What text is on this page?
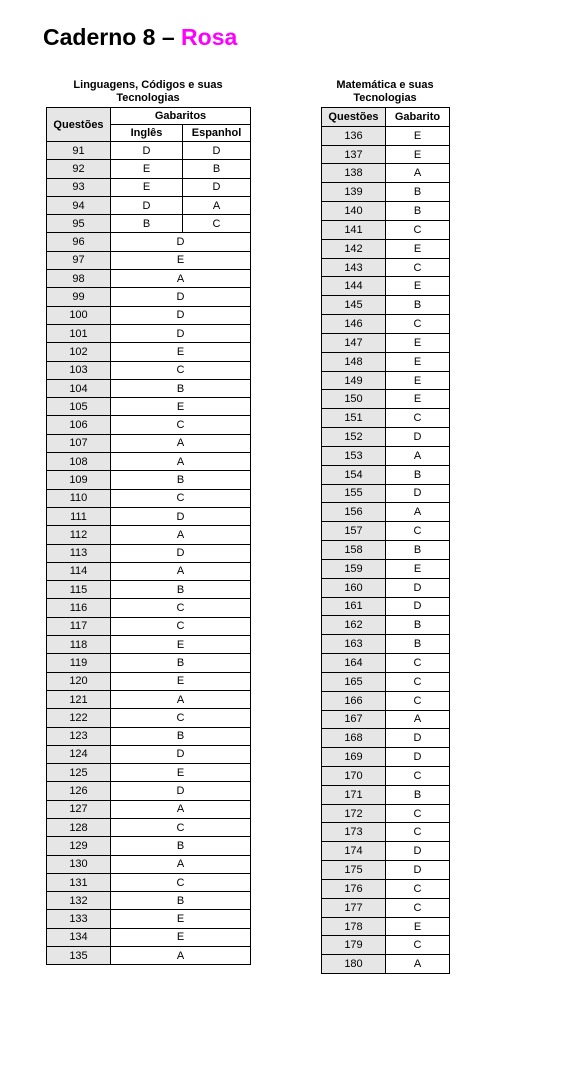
Caderno 8 – Rosa
Linguagens, Códigos e suas Tecnologias
Matemática e suas Tecnologias
Questões	Gabaritos	
	Inglês	Espanhol
91	D	D
92	E	B
93	E	D
94	D	A
95	B	C
96	D	
97	E	
98	A	
99	D	
100	D	
101	D	
102	E	
103	C	
104	B	
105	E	
106	C	
107	A	
108	A	
109	B	
110	C	
111	D	
112	A	
113	D	
114	A	
115	B	
116	C	
117	C	
118	E	
119	B	
120	E	
121	A	
122	C	
123	B	
124	D	
125	E	
126	D	
127	A	
128	C	
129	B	
130	A	
131	C	
132	B	
133	E	
134	E	
135	A	
Questões	Gabarito
136	E
137	E
138	A
139	B
140	B
141	C
142	E
143	C
144	E
145	B
146	C
147	E
148	E
149	E
150	E
151	C
152	D
153	A
154	B
155	D
156	A
157	C
158	B
159	E
160	D
161	D
162	B
163	B
164	C
165	C
166	C
167	A
168	D
169	D
170	C
171	B
172	C
173	C
174	D
175	D
176	C
177	C
178	E
179	C
180	A
